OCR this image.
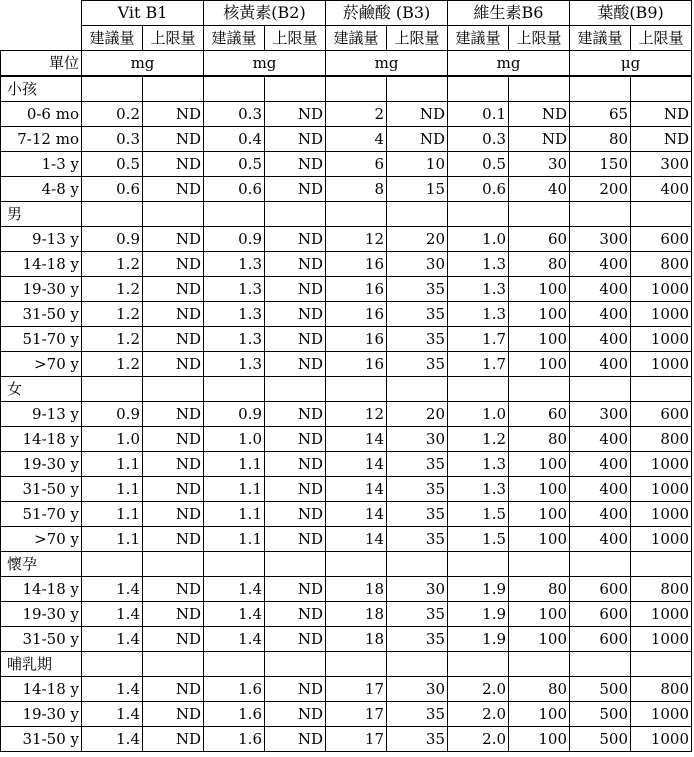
	Vit B1		核黃素(B2)		菸鹼酸 (B3)		維生素B6		葉酸(B9)	
	建議量	上限量	建議量	上限量	建議量	上限量	建議量	上限量	建議量	上限量
單位	mg		mg		mg		mg		μg	
小孩										
0-6 mo	0.2	ND	0.3	ND	2	ND	0.1	ND	65	ND
7-12 mo	0.3	ND	0.4	ND	4	ND	0.3	ND	80	ND
1-3 y	0.5	ND	0.5	ND	6	10	0.5	30	150	300
4-8 y	0.6	ND	0.6	ND	8	15	0.6	40	200	400
男										
9-13 y	0.9	ND	0.9	ND	12	20	1.0	60	300	600
14-18 y	1.2	ND	1.3	ND	16	30	1.3	80	400	800
19-30 y	1.2	ND	1.3	ND	16	35	1.3	100	400	1000
31-50 y	1.2	ND	1.3	ND	16	35	1.3	100	400	1000
51-70 y	1.2	ND	1.3	ND	16	35	1.7	100	400	1000
>70 y	1.2	ND	1.3	ND	16	35	1.7	100	400	1000
女										
9-13 y	0.9	ND	0.9	ND	12	20	1.0	60	300	600
14-18 y	1.0	ND	1.0	ND	14	30	1.2	80	400	800
19-30 y	1.1	ND	1.1	ND	14	35	1.3	100	400	1000
31-50 y	1.1	ND	1.1	ND	14	35	1.3	100	400	1000
51-70 y	1.1	ND	1.1	ND	14	35	1.5	100	400	1000
>70 y	1.1	ND	1.1	ND	14	35	1.5	100	400	1000
懷孕										
14-18 y	1.4	ND	1.4	ND	18	30	1.9	80	600	800
19-30 y	1.4	ND	1.4	ND	18	35	1.9	100	600	1000
31-50 y	1.4	ND	1.4	ND	18	35	1.9	100	600	1000
哺乳期										
14-18 y	1.4	ND	1.6	ND	17	30	2.0	80	500	800
19-30 y	1.4	ND	1.6	ND	17	35	2.0	100	500	1000
31-50 y	1.4	ND	1.6	ND	17	35	2.0	100	500	1000
